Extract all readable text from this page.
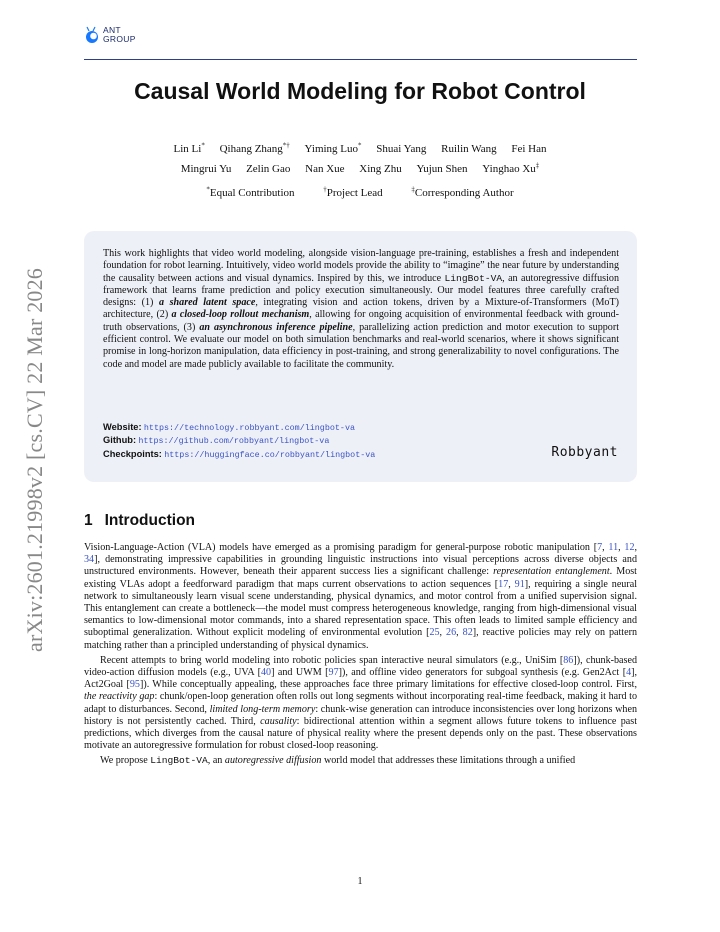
ANT
GROUP
arXiv:2601.21998v2 [cs.CV] 22 Mar 2026
Causal World Modeling for Robot Control
Lin Li* Qihang Zhang*† Yiming Luo* Shuai Yang Ruilin Wang Fei Han
Mingrui Yu Zelin Gao Nan Xue Xing Zhu Yujun Shen Yinghao Xu‡
*Equal Contribution	†Project Lead	‡Corresponding Author
This work highlights that video world modeling, alongside vision-language pre-training, establishes a fresh and independent foundation for robot learning. Intuitively, video world models provide the ability to “imagine” the near future by understanding the causality between actions and visual dynamics. Inspired by this, we introduce LingBot-VA, an autoregressive diffusion framework that learns frame prediction and policy execution simultaneously. Our model features three carefully crafted designs: (1) a shared latent space, integrating vision and action tokens, driven by a Mixture-of-Transformers (MoT) architecture, (2) a closed-loop rollout mechanism, allowing for ongoing acquisition of environmental feedback with ground-truth observations, (3) an asynchronous inference pipeline, parallelizing action prediction and motor execution to support efficient control. We evaluate our model on both simulation benchmarks and real-world scenarios, where it shows significant promise in long-horizon manipulation, data efficiency in post-training, and strong generalizability to novel configurations. The code and model are made publicly available to facilitate the community.
Website: https://technology.robbyant.com/lingbot-va
Github: https://github.com/robbyant/lingbot-va
Checkpoints: https://huggingface.co/robbyant/lingbot-va	Robbyant
1 Introduction

Vision-Language-Action (VLA) models have emerged as a promising paradigm for general-purpose robotic manipulation [7, 11, 12, 34], demonstrating impressive capabilities in grounding linguistic instructions into visual perceptions across diverse objects and unstructured environments. However, beneath their apparent success lies a significant challenge: representation entanglement. Most existing VLAs adopt a feedforward paradigm that maps current observations to action sequences [17, 91], requiring a single neural network to simultaneously learn visual scene understanding, physical dynamics, and motor control from a unified supervision signal. This entanglement can create a bottleneck—the model must compress heterogeneous knowledge, ranging from high-dimensional visual semantics to low-dimensional motor commands, into a shared representation space. This often leads to limited sample efficiency and suboptimal generalization. Without explicit modeling of environmental evolution [25, 26, 82], reactive policies may rely on pattern matching rather than a principled understanding of physical dynamics.

Recent attempts to bring world modeling into robotic policies span interactive neural simulators (e.g., UniSim [86]), chunk-based video-action diffusion models (e.g., UVA [40] and UWM [97]), and offline video generators for subgoal synthesis (e.g. Gen2Act [4], Act2Goal [95]). While conceptually appealing, these approaches face three primary limitations for effective closed-loop control. First, the reactivity gap: chunk/open-loop generation often rolls out long segments without incorporating real-time feedback, making it hard to adapt to disturbances. Second, limited long-term memory: chunk-wise generation can introduce inconsistencies over long horizons when history is not persistently cached. Third, causality: bidirectional attention within a segment allows future tokens to influence past predictions, which diverges from the causal nature of physical reality where the present depends only on the past. These observations motivate an autoregressive formulation for robust closed-loop reasoning.

We propose LingBot-VA, an autoregressive diffusion world model that addresses these limitations through a unified

1
